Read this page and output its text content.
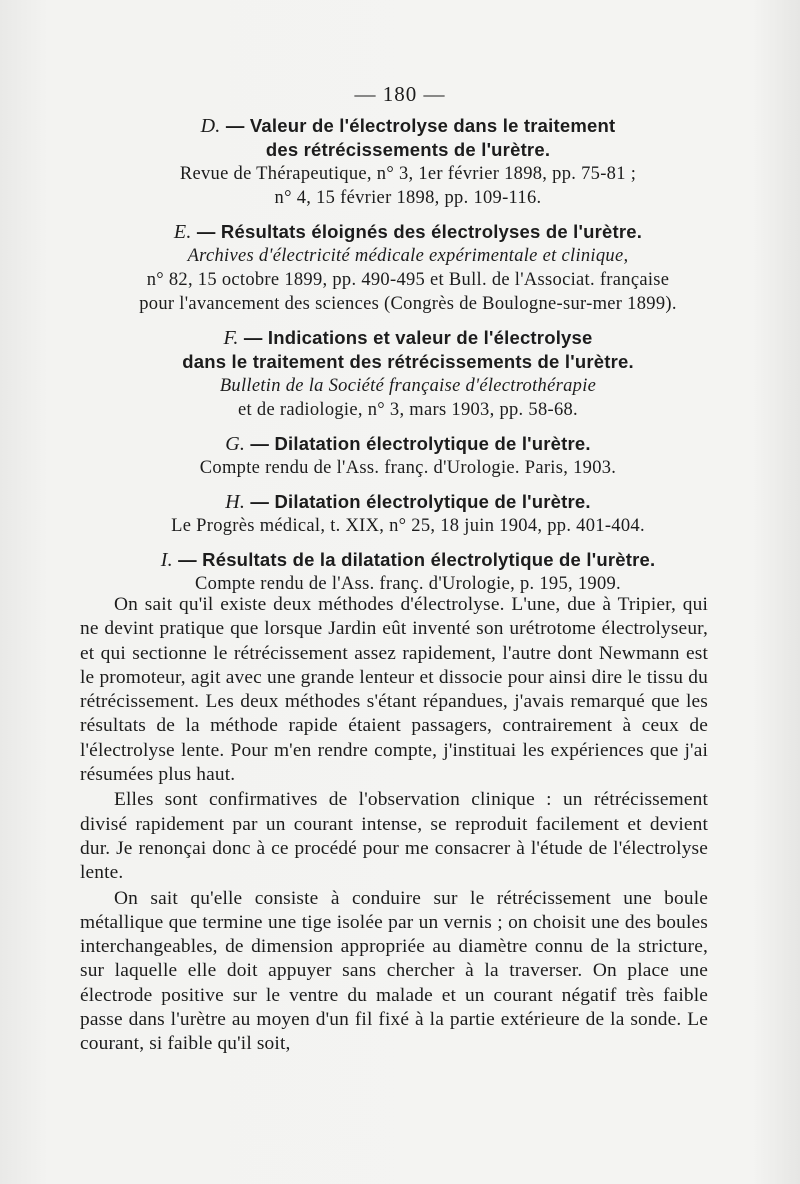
— 180 —
D. — Valeur de l'électrolyse dans le traitement
des rétrécissements de l'urètre.
Revue de Thérapeutique, n° 3, 1er février 1898, pp. 75-81 ;
n° 4, 15 février 1898, pp. 109-116.
E. — Résultats éloignés des électrolyses de l'urètre.
Archives d'électricité médicale expérimentale et clinique,
n° 82, 15 octobre 1899, pp. 490-495 et Bull. de l'Associat. française
pour l'avancement des sciences (Congrès de Boulogne-sur-mer 1899).
F. — Indications et valeur de l'électrolyse
dans le traitement des rétrécissements de l'urètre.
Bulletin de la Société française d'électrothérapie
et de radiologie, n° 3, mars 1903, pp. 58-68.
G. — Dilatation électrolytique de l'urètre.
Compte rendu de l'Ass. franç. d'Urologie. Paris, 1903.
H. — Dilatation électrolytique de l'urètre.
Le Progrès médical, t. XIX, n° 25, 18 juin 1904, pp. 401-404.
I. — Résultats de la dilatation électrolytique de l'urètre.
Compte rendu de l'Ass. franç. d'Urologie, p. 195, 1909.

On sait qu'il existe deux méthodes d'électrolyse. L'une, due à Tripier, qui ne devint pratique que lorsque Jardin eût inventé son urétrotome électrolyseur, et qui sectionne le rétrécissement assez rapidement, l'autre dont Newmann est le promoteur, agit avec une grande lenteur et dissocie pour ainsi dire le tissu du rétrécissement. Les deux méthodes s'étant répandues, j'avais remarqué que les résultats de la méthode rapide étaient passagers, contrairement à ceux de l'électrolyse lente. Pour m'en rendre compte, j'instituai les expériences que j'ai résumées plus haut.

Elles sont confirmatives de l'observation clinique : un rétrécissement divisé rapidement par un courant intense, se reproduit facilement et devient dur. Je renonçai donc à ce procédé pour me consacrer à l'étude de l'électrolyse lente.

On sait qu'elle consiste à conduire sur le rétrécissement une boule métallique que termine une tige isolée par un vernis ; on choisit une des boules interchangeables, de dimension appropriée au diamètre connu de la stricture, sur laquelle elle doit appuyer sans chercher à la traverser. On place une électrode positive sur le ventre du malade et un courant négatif très faible passe dans l'urètre au moyen d'un fil fixé à la partie extérieure de la sonde. Le courant, si faible qu'il soit,
